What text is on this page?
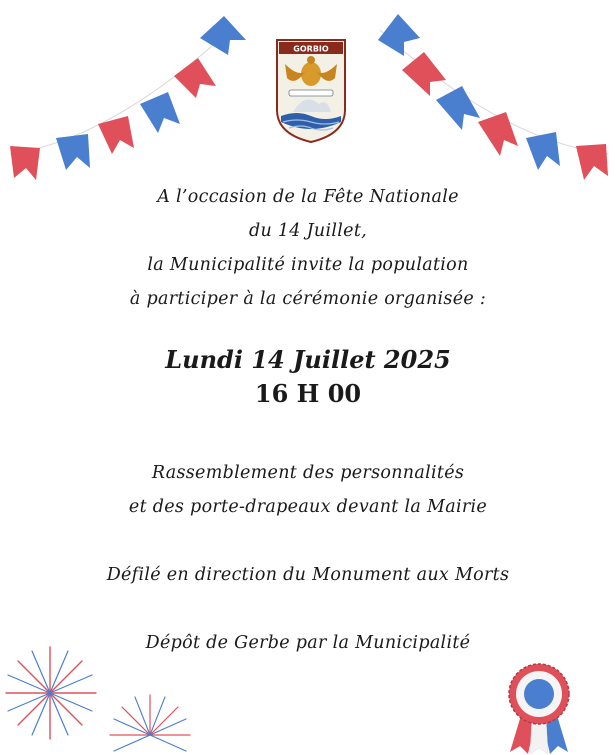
GORBIO
A l’occasion de la Fête Nationale
du 14 Juillet,
la Municipalité invite la population
à participer à la cérémonie organisée :
Lundi 14 Juillet 2025
16 H 00

Rassemblement des personnalités

et des porte-drapeaux devant la Mairie

Défilé en direction du Monument aux Morts

Dépôt de Gerbe par la Municipalité
